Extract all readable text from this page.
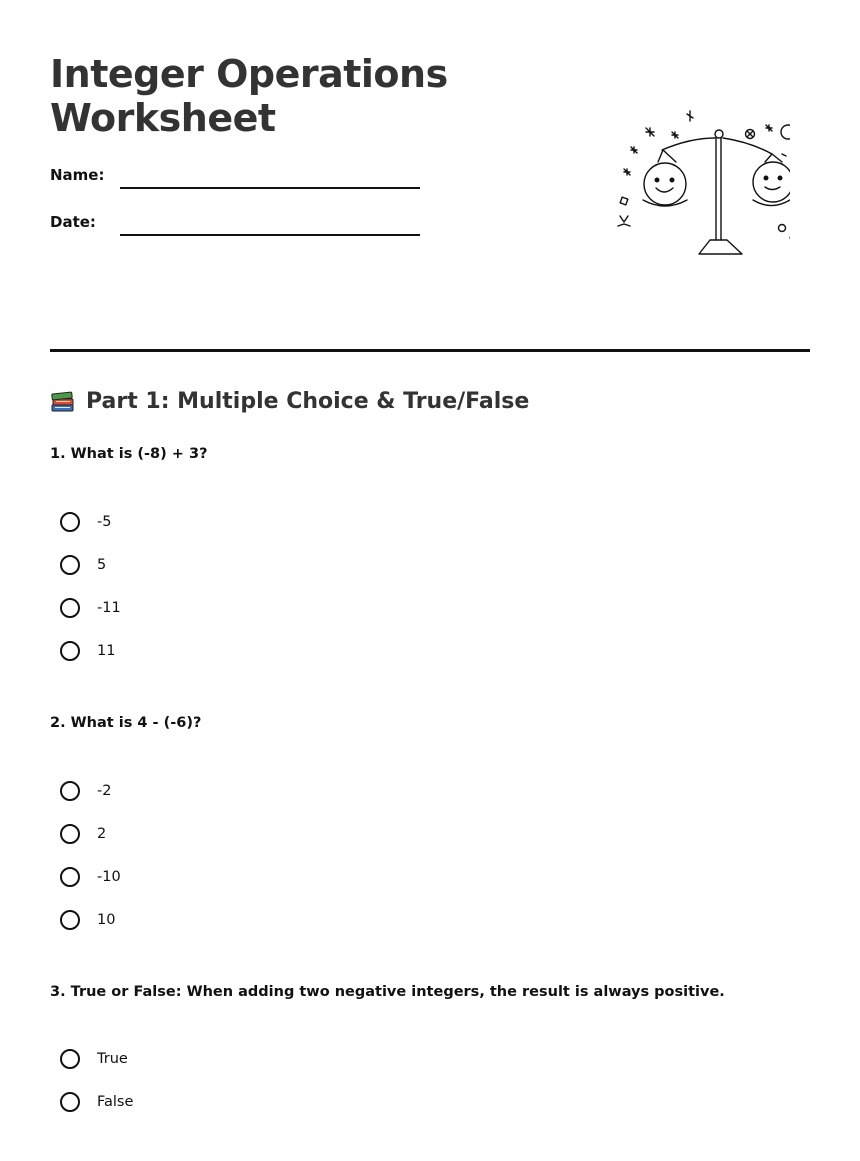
Integer Operations Worksheet
Name:
Date:
Part 1: Multiple Choice & True/False
1. What is (-8) + 3?
-5
5
-11
11
2. What is 4 - (-6)?
-2
2
-10
10
3. True or False: When adding two negative integers, the result is always positive.
True
False
